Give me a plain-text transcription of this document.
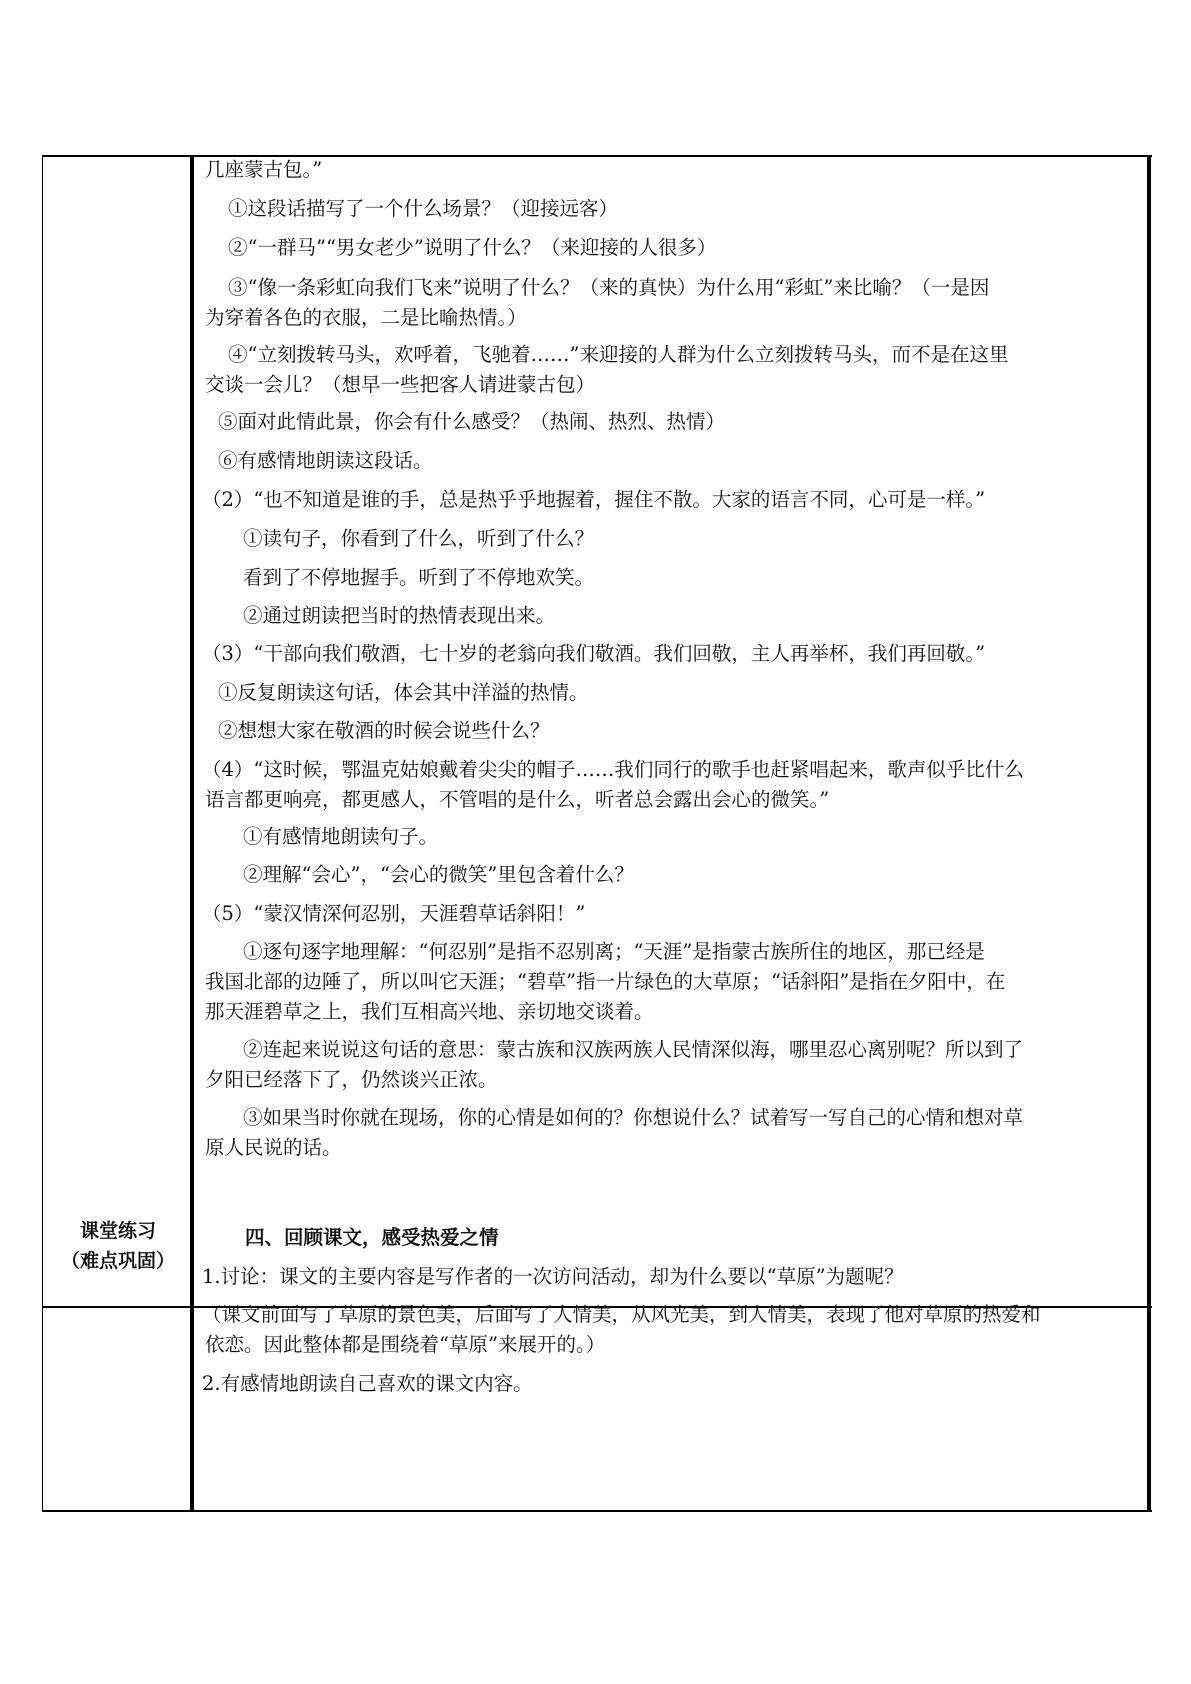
几座蒙古包。”
①这段话描写了一个什么场景？（迎接远客）
②“一群马”“男女老少”说明了什么？（来迎接的人很多）
③“像一条彩虹向我们飞来”说明了什么？（来的真快）为什么用“彩虹”来比喻？（一是因
为穿着各色的衣服，二是比喻热情。）
④“立刻拨转马头，欢呼着，飞驰着……”来迎接的人群为什么立刻拨转马头，而不是在这里
交谈一会儿？（想早一些把客人请进蒙古包）
⑤面对此情此景，你会有什么感受？（热闹、热烈、热情）
⑥有感情地朗读这段话。
（2）“也不知道是谁的手，总是热乎乎地握着，握住不散。大家的语言不同，心可是一样。”
①读句子，你看到了什么，听到了什么？
看到了不停地握手。听到了不停地欢笑。
②通过朗读把当时的热情表现出来。
（3）“干部向我们敬酒，七十岁的老翁向我们敬酒。我们回敬，主人再举杯，我们再回敬。”
①反复朗读这句话，体会其中洋溢的热情。
②想想大家在敬酒的时候会说些什么？
（4）“这时候，鄂温克姑娘戴着尖尖的帽子……我们同行的歌手也赶紧唱起来，歌声似乎比什么
语言都更响亮，都更感人，不管唱的是什么，听者总会露出会心的微笑。”
①有感情地朗读句子。
②理解“会心”，“会心的微笑”里包含着什么？
（5）“蒙汉情深何忍别，天涯碧草话斜阳！”
①逐句逐字地理解：“何忍别”是指不忍别离；“天涯”是指蒙古族所住的地区，那已经是
我国北部的边陲了，所以叫它天涯；“碧草”指一片绿色的大草原；“话斜阳”是指在夕阳中，在
那天涯碧草之上，我们互相高兴地、亲切地交谈着。
②连起来说说这句话的意思：蒙古族和汉族两族人民情深似海，哪里忍心离别呢？所以到了
夕阳已经落下了，仍然谈兴正浓。
③如果当时你就在现场，你的心情是如何的？你想说什么？试着写一写自己的心情和想对草
原人民说的话。
课堂练习
（难点巩固）
四、回顾课文，感受热爱之情
1.讨论：课文的主要内容是写作者的一次访问活动，却为什么要以“草原”为题呢？
（课文前面写了草原的景色美，后面写了人情美，从风光美，到人情美，表现了他对草原的热爱和
依恋。因此整体都是围绕着“草原”来展开的。）
2.有感情地朗读自己喜欢的课文内容。
